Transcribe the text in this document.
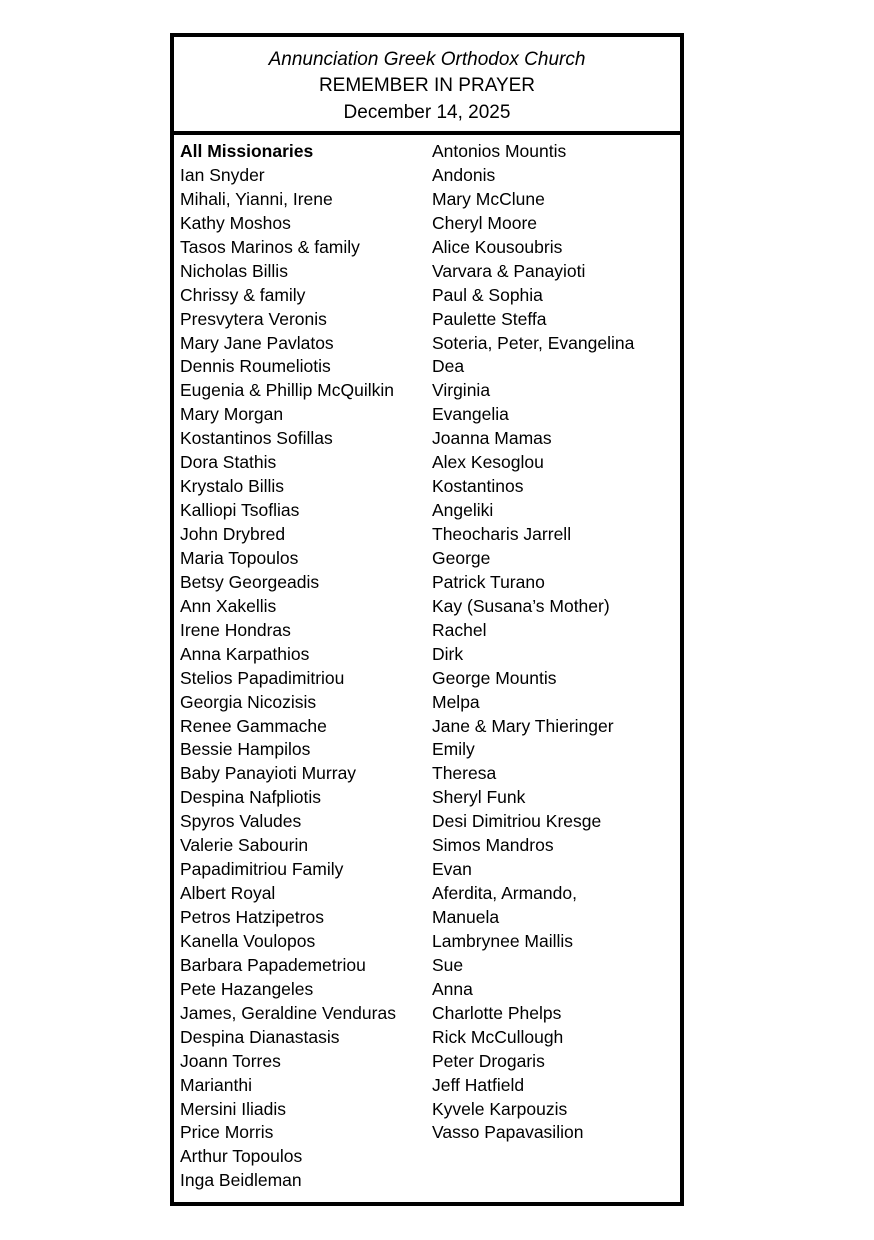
Annunciation Greek Orthodox Church
REMEMBER IN PRAYER
December 14, 2025
All Missionaries
Ian Snyder
Mihali, Yianni, Irene
Kathy Moshos
Tasos Marinos & family
Nicholas Billis
Chrissy & family
Presvytera Veronis
Mary Jane Pavlatos
Dennis Roumeliotis
Eugenia & Phillip McQuilkin
Mary Morgan
Kostantinos Sofillas
Dora Stathis
Krystalo Billis
Kalliopi Tsoflias
John Drybred
Maria Topoulos
Betsy Georgeadis
Ann Xakellis
Irene Hondras
Anna Karpathios
Stelios Papadimitriou
Georgia Nicozisis
Renee Gammache
Bessie Hampilos
Baby Panayioti Murray
Despina Nafpliotis
Spyros Valudes
Valerie Sabourin
Papadimitriou Family
Albert Royal
Petros Hatzipetros
Kanella Voulopos
Barbara Papademetriou
Pete Hazangeles
James, Geraldine Venduras
Despina Dianastasis
Joann Torres
Marianthi
Mersini Iliadis
Price Morris
Arthur Topoulos
Inga Beidleman
Antonios Mountis
Andonis
Mary McClune
Cheryl Moore
Alice Kousoubris
Varvara & Panayioti
Paul & Sophia
Paulette Steffa
Soteria, Peter, Evangelina
Dea
Virginia
Evangelia
Joanna Mamas
Alex Kesoglou
Kostantinos
Angeliki
Theocharis Jarrell
George
Patrick Turano
Kay (Susana’s Mother)
Rachel
Dirk
George Mountis
Melpa
Jane & Mary Thieringer
Emily
Theresa
Sheryl Funk
Desi Dimitriou Kresge
Simos Mandros
Evan
Aferdita, Armando,
Manuela
Lambrynee Maillis
Sue
Anna
Charlotte Phelps
Rick McCullough
Peter Drogaris
Jeff Hatfield
Kyvele Karpouzis
Vasso Papavasilion
